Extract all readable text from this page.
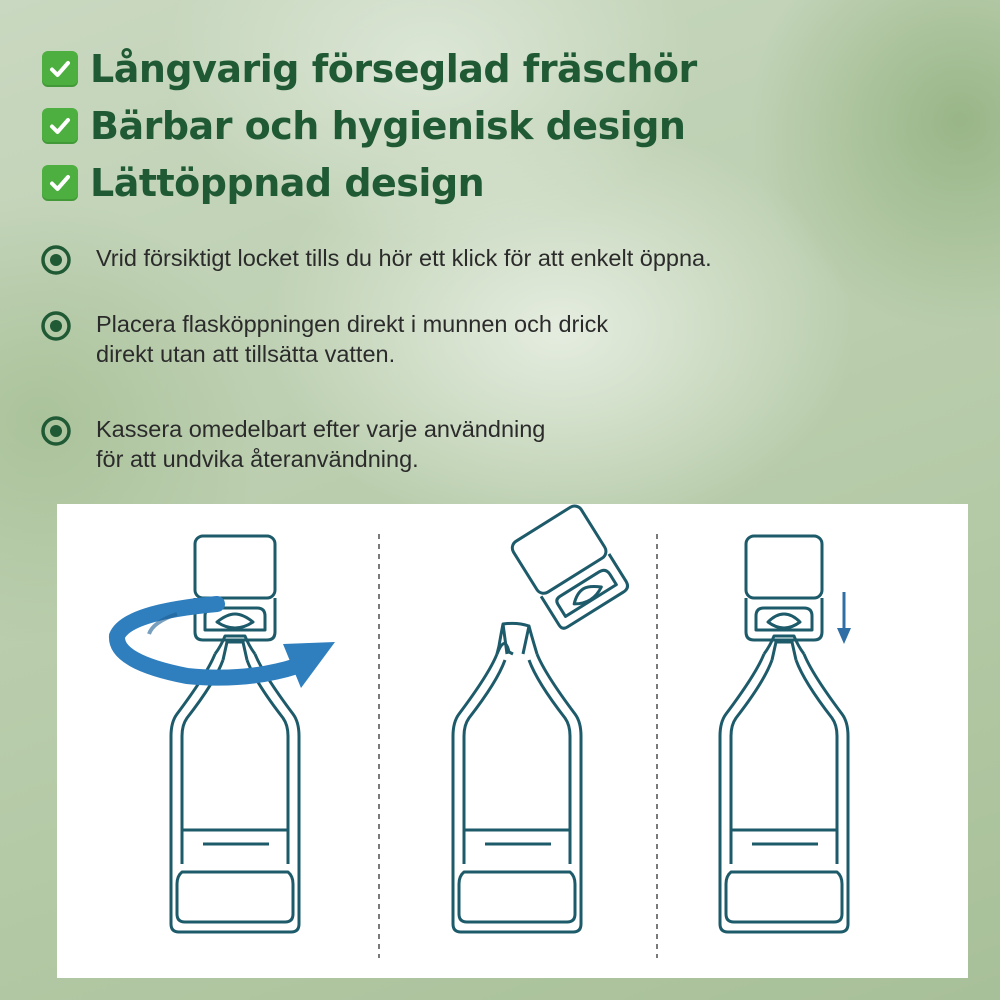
Långvarig förseglad fräschör
Bärbar och hygienisk design
Lättöppnad design
Vrid försiktigt locket tills du hör ett klick för att enkelt öppna.
Placera flasköppningen direkt i munnen och drick
direkt utan att tillsätta vatten.
Kassera omedelbart efter varje användning
för att undvika återanvändning.
